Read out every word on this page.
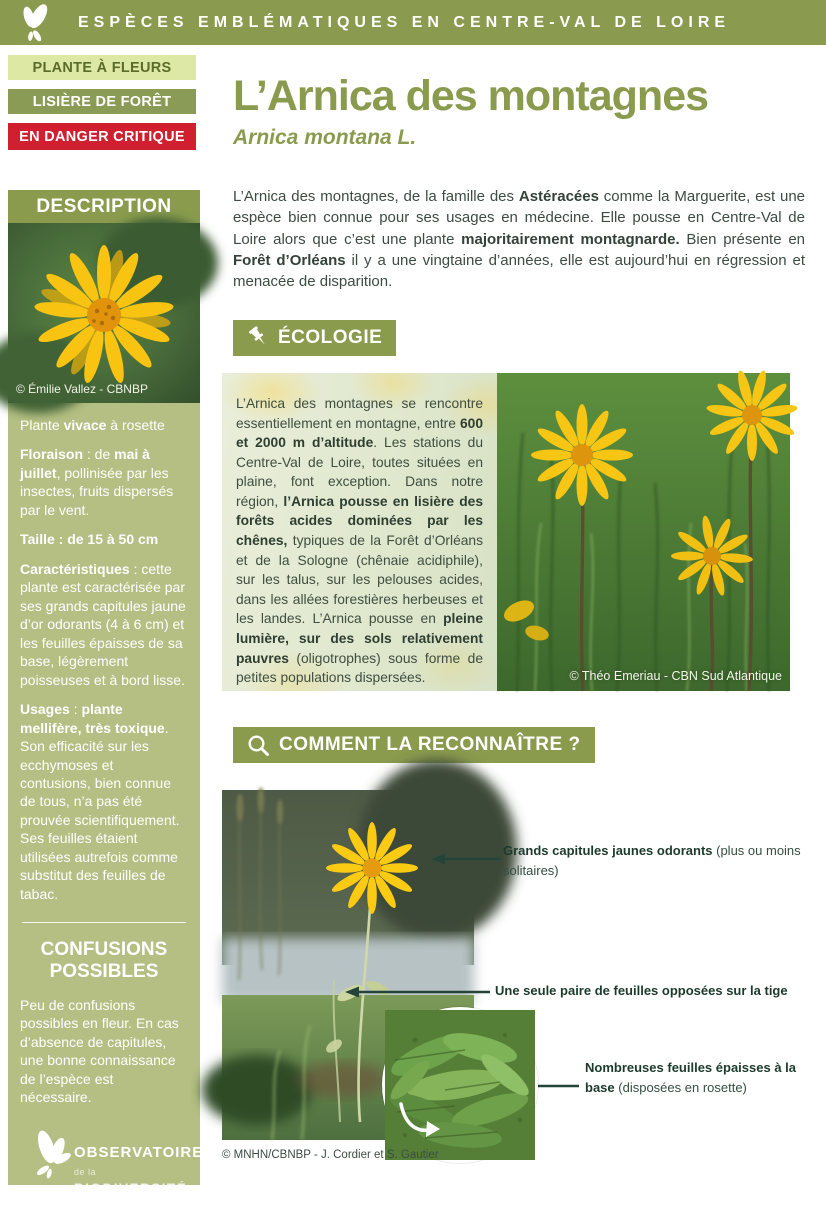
ESPÈCES EMBLÉMATIQUES EN CENTRE-VAL DE LOIRE
PLANTE À FLEURS
LISIÈRE DE FORÊT
EN DANGER CRITIQUE
L’Arnica des montagnes
Arnica montana L.

L’Arnica des montagnes, de la famille des Astéracées comme la Marguerite, est une espèce bien connue pour ses usages en médecine. Elle pousse en Centre-Val de Loire alors que c’est une plante majoritairement montagnarde. Bien présente en Forêt d’Orléans il y a une vingtaine d’années, elle est aujourd’hui en régression et menacée de disparition.

DESCRIPTION
© Émilie Vallez - CBNBP

Plante vivace à rosette

Floraison : de mai à juillet, pollinisée par les insectes, fruits dispersés par le vent.

Taille : de 15 à 50 cm

Caractéristiques : cette plante est caractérisée par ses grands capitules jaune d’or odorants (4 à 6 cm) et les feuilles épaisses de sa base, légèrement poisseuses et à bord lisse.

Usages : plante mellifère, très toxique. Son efficacité sur les ecchymoses et contusions, bien connue de tous, n’a pas été prouvée scientifiquement. Ses feuilles étaient utilisées autrefois comme substitut des feuilles de tabac.

CONFUSIONS POSSIBLES

Peu de confusions possibles en fleur. En cas d’absence de capitules, une bonne connaissance de l’espèce est nécessaire.

OBSERVATOIRE
de la BIODIVERSITÉ
CENTRE-VAL DE LOIRE
ÉCOLOGIE
L’Arnica des montagnes se rencontre essentiellement en montagne, entre 600 et 2000 m d’altitude. Les stations du Centre-Val de Loire, toutes situées en plaine, font exception. Dans notre région, l’Arnica pousse en lisière des forêts acides dominées par les chênes, typiques de la Forêt d’Orléans et de la Sologne (chênaie acidiphile), sur les talus, sur les pelouses acides, dans les allées forestières herbeuses et les landes. L’Arnica pousse en pleine lumière, sur des sols relativement pauvres (oligotrophes) sous forme de petites populations dispersées.	© Théo Emeriau - CBN Sud Atlantique
COMMENT LA RECONNAÎTRE ?
Grands capitules jaunes odorants (plus ou moins solitaires)
Une seule paire de feuilles opposées sur la tige
Nombreuses feuilles épaisses à la base (disposées en rosette)
© MNHN/CBNBP - J. Cordier et S. Gautier
